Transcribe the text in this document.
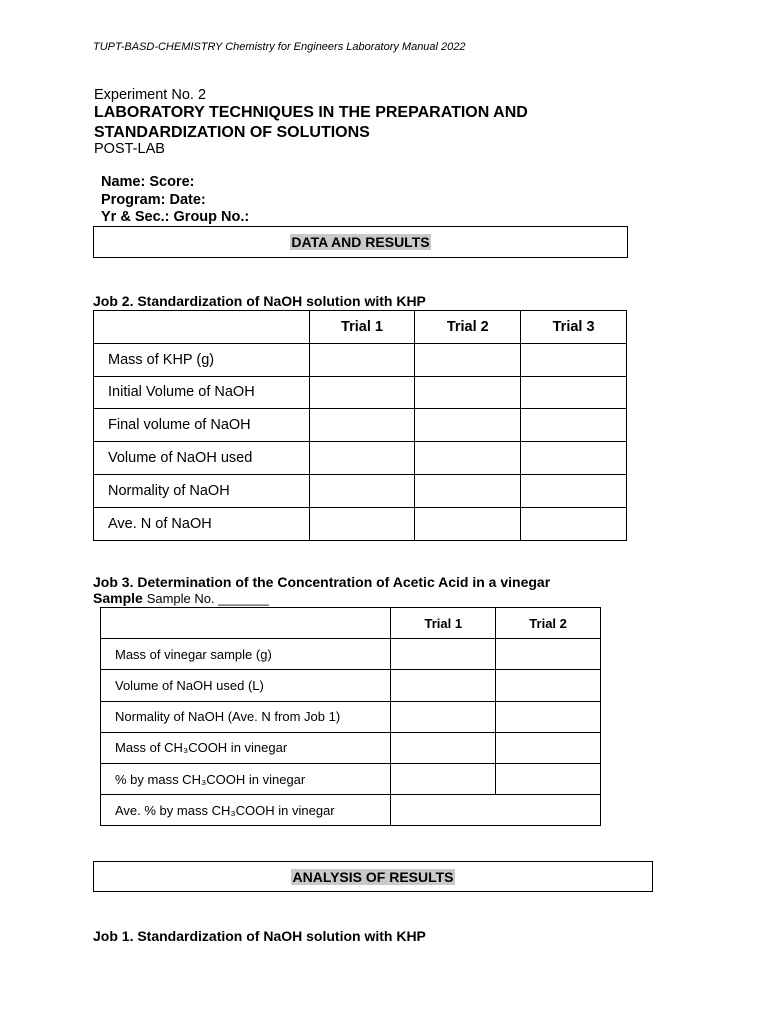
TUPT-BASD-CHEMISTRY Chemistry for Engineers Laboratory Manual 2022
Experiment No. 2
LABORATORY TECHNIQUES IN THE PREPARATION AND
STANDARDIZATION OF SOLUTIONS
POST-LAB
Name: Score:
Program: Date:
Yr & Sec.: Group No.:
DATA AND RESULTS
Job 2. Standardization of NaOH solution with KHP
	Trial 1	Trial 2	Trial 3
Mass of KHP (g)			
Initial Volume of NaOH			
Final volume of NaOH			
Volume of NaOH used			
Normality of NaOH			
Ave. N of NaOH			
Job 3. Determination of the Concentration of Acetic Acid in a vinegar
Sample Sample No. _______
	Trial 1	Trial 2
Mass of vinegar sample (g)		
Volume of NaOH used (L)		
Normality of NaOH (Ave. N from Job 1)		
Mass of CH₃COOH in vinegar		
% by mass CH₃COOH in vinegar		
Ave. % by mass CH₃COOH in vinegar		
ANALYSIS OF RESULTS
Job 1. Standardization of NaOH solution with KHP
